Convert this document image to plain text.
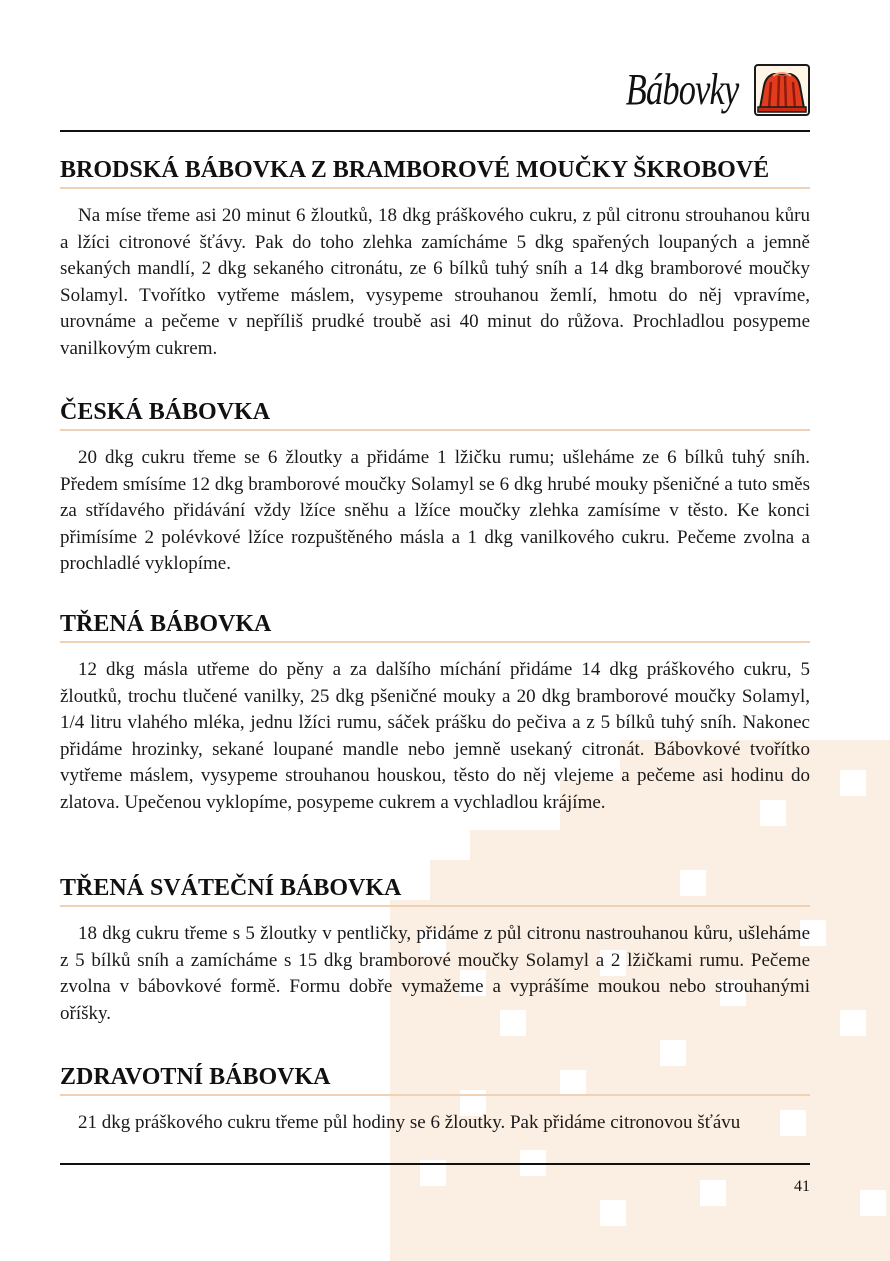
Bábovky
BRODSKÁ BÁBOVKA Z BRAMBOROVÉ MOUČKY ŠKROBOVÉ

Na míse třeme asi 20 minut 6 žloutků, 18 dkg práškového cukru, z půl citronu strouhanou kůru a lžíci citronové šťávy. Pak do toho zlehka zamícháme 5 dkg spařených loupaných a jemně sekaných mandlí, 2 dkg sekaného citronátu, ze 6 bílků tuhý sníh a 14 dkg bramborové moučky Solamyl. Tvořítko vytřeme máslem, vysypeme strouhanou žemlí, hmotu do něj vpravíme, urovnáme a pečeme v nepříliš prudké troubě asi 40 minut do růžova. Prochladlou posypeme vanilkovým cukrem.

ČESKÁ BÁBOVKA

20 dkg cukru třeme se 6 žloutky a přidáme 1 lžičku rumu; ušleháme ze 6 bílků tuhý sníh. Předem smísíme 12 dkg bramborové moučky Solamyl se 6 dkg hrubé mouky pšeničné a tuto směs za střídavého přidávání vždy lžíce sněhu a lžíce moučky zlehka zamísíme v těsto. Ke konci přimísíme 2 polévkové lžíce rozpuštěného másla a 1 dkg vanilkového cukru. Pečeme zvolna a prochladlé vyklopíme.

TŘENÁ BÁBOVKA

12 dkg másla utřeme do pěny a za dalšího míchání přidáme 14 dkg práškového cukru, 5 žloutků, trochu tlučené vanilky, 25 dkg pšeničné mouky a 20 dkg bramborové moučky Solamyl, 1/4 litru vlahého mléka, jednu lžíci rumu, sáček prášku do pečiva a z 5 bílků tuhý sníh. Nakonec přidáme hrozinky, sekané loupané mandle nebo jemně usekaný citronát. Bábovkové tvořítko vytřeme máslem, vysypeme strouhanou houskou, těsto do něj vlejeme a pečeme asi hodinu do zlatova. Upečenou vyklopíme, posypeme cukrem a vychladlou krájíme.

TŘENÁ SVÁTEČNÍ BÁBOVKA

18 dkg cukru třeme s 5 žloutky v pentličky, přidáme z půl citronu nastrouhanou kůru, ušleháme z 5 bílků sníh a zamícháme s 15 dkg bramborové moučky Solamyl a 2 lžičkami rumu. Pečeme zvolna v bábovkové formě. Formu dobře vymažeme a vyprášíme moukou nebo strouhanými oříšky.

ZDRAVOTNÍ BÁBOVKA

21 dkg práškového cukru třeme půl hodiny se 6 žloutky. Pak přidáme citronovou šťávu

41
